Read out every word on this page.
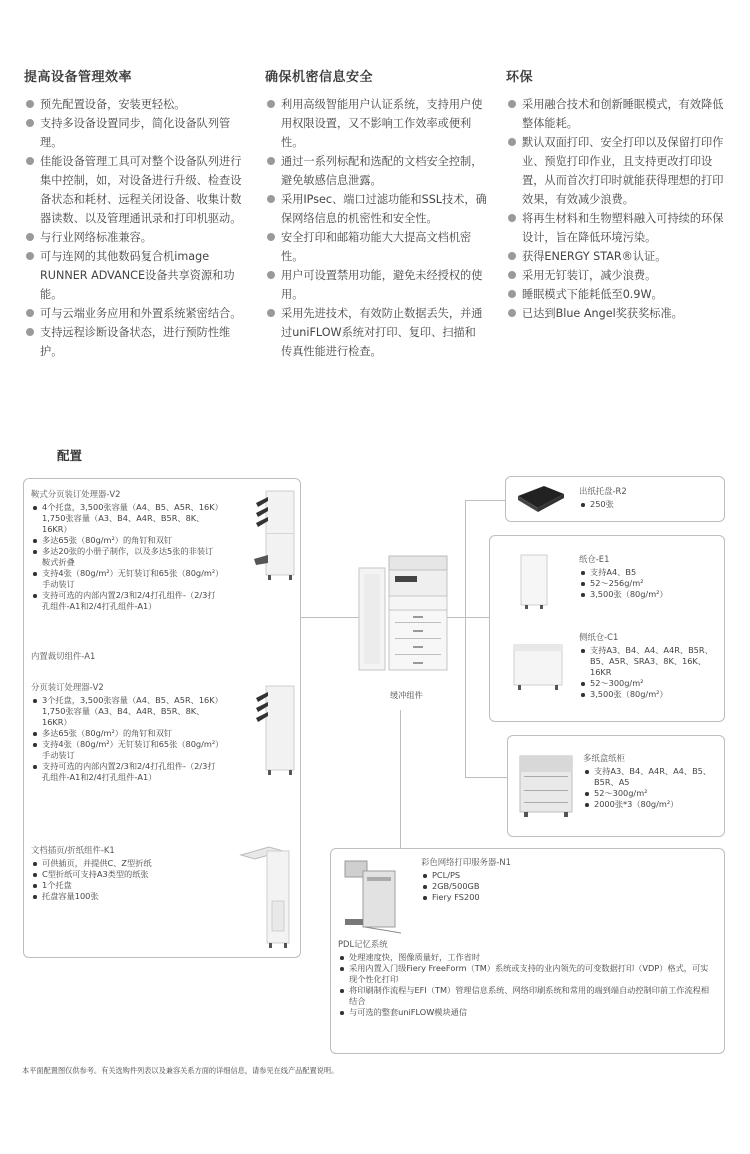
提高设备管理效率
预先配置设备，安装更轻松。
支持多设备设置同步，简化设备队列管理。
佳能设备管理工具可对整个设备队列进行集中控制，如，对设备进行升级、检查设备状态和耗材、远程关闭设备、收集计数器读数、以及管理通讯录和打印机驱动。
与行业网络标准兼容。
可与连网的其他数码复合机image RUNNER ADVANCE设备共享资源和功能。
可与云端业务应用和外置系统紧密结合。
支持远程诊断设备状态，进行预防性维护。
确保机密信息安全
利用高级智能用户认证系统，支持用户使用权限设置，又不影响工作效率或便利性。
通过一系列标配和选配的文档安全控制，避免敏感信息泄露。
采用IPsec、端口过滤功能和SSL技术，确保网络信息的机密性和安全性。
安全打印和邮箱功能大大提高文档机密性。
用户可设置禁用功能，避免未经授权的使用。
采用先进技术，有效防止数据丢失，并通过uniFLOW系统对打印、复印、扫描和传真性能进行检查。
环保
采用融合技术和创新睡眠模式，有效降低整体能耗。
默认双面打印、安全打印以及保留打印作业、预览打印作业，且支持更改打印设置，从而首次打印时就能获得理想的打印效果，有效减少浪费。
将再生材料和生物塑料融入可持续的环保设计，旨在降低环境污染。
获得ENERGY STAR®认证。
采用无钉装订，减少浪费。
睡眠模式下能耗低至0.9W。
已达到Blue Angel奖获奖标准。
配置
鞍式分页装订处理器-V2
4个托盘，3,500张容量（A4、B5、A5R、16K）1,750张容量（A3、B4、A4R、B5R、8K、16KR）
多达65张（80g/m²）的角钉和双钉
多达20张的小册子制作，以及多达5张的非装订鞍式折叠
支持4张（80g/m²）无钉装订和65张（80g/m²）手动装订
支持可选的内部内置2/3和2/4打孔组件-（2/3打孔组件-A1和2/4打孔组件-A1）
内置裁切组件-A1
分页装订处理器-V2
3个托盘，3,500张容量（A4、B5、A5R、16K）1,750张容量（A3、B4、A4R、B5R、8K、16KR）
多达65张（80g/m²）的角钉和双钉
支持4张（80g/m²）无钉装订和65张（80g/m²）手动装订
支持可选的内部内置2/3和2/4打孔组件-（2/3打孔组件-A1和2/4打孔组件-A1）
文档插页/折纸组件-K1
可供插页，并提供C、Z型折纸
C型折纸可支持A3类型的纸张
1个托盘
托盘容量100张
缓冲组件
出纸托盘-R2
250张
纸仓-E1
支持A4、B5
52～256g/m²
3,500张（80g/m²）
侧纸仓-C1
支持A3、B4、A4、A4R、B5R、B5、A5R、SRA3、8K、16K、16KR
52～300g/m²
3,500张（80g/m²）
多纸盒纸柜
支持A3、B4、A4R、A4、B5、B5R、A5
52～300g/m²
2000张*3（80g/m²）
彩色网络打印服务器-N1
PCL/PS
2GB/500GB
Fiery FS200
PDL记忆系统
处理速度快，图像质量好，工作省时
采用内置入门级Fiery FreeForm（TM）系统或支持的业内领先的可变数据打印（VDP）格式，可实现个性化打印
将印刷制作流程与EFI（TM）管理信息系统、网络印刷系统和常用的端到端自动控制印前工作流程相结合
与可选的整套uniFLOW模块通信
本平面配置图仅供参考。有关选购件列表以及兼容关系方面的详细信息，请参见在线产品配置说明。
